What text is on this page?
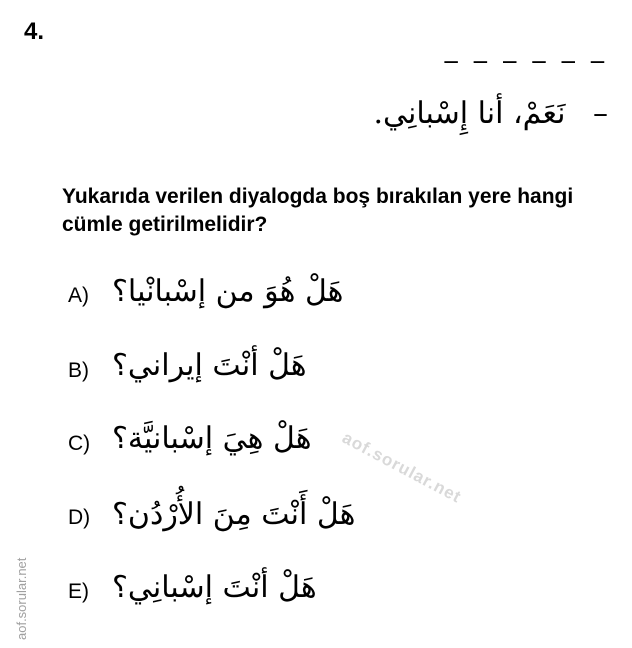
4.
_ _ _ _ _ _
– نَعَمْ، أنا إِسْبانِي.
Yukarıda verilen diyalogda boş bırakılan yere hangi cümle getirilmelidir?
A) هَلْ هُوَ من إسْبانْيا؟
B) هَلْ أنْتَ إيراني؟
C) هَلْ هِيَ إسْبانيَّة؟
D) هَلْ أَنْتَ مِنَ الأُرْدُن؟
E) هَلْ أنْتَ إسْبانِي؟
aof.sorular.net
aof.sorular.net
